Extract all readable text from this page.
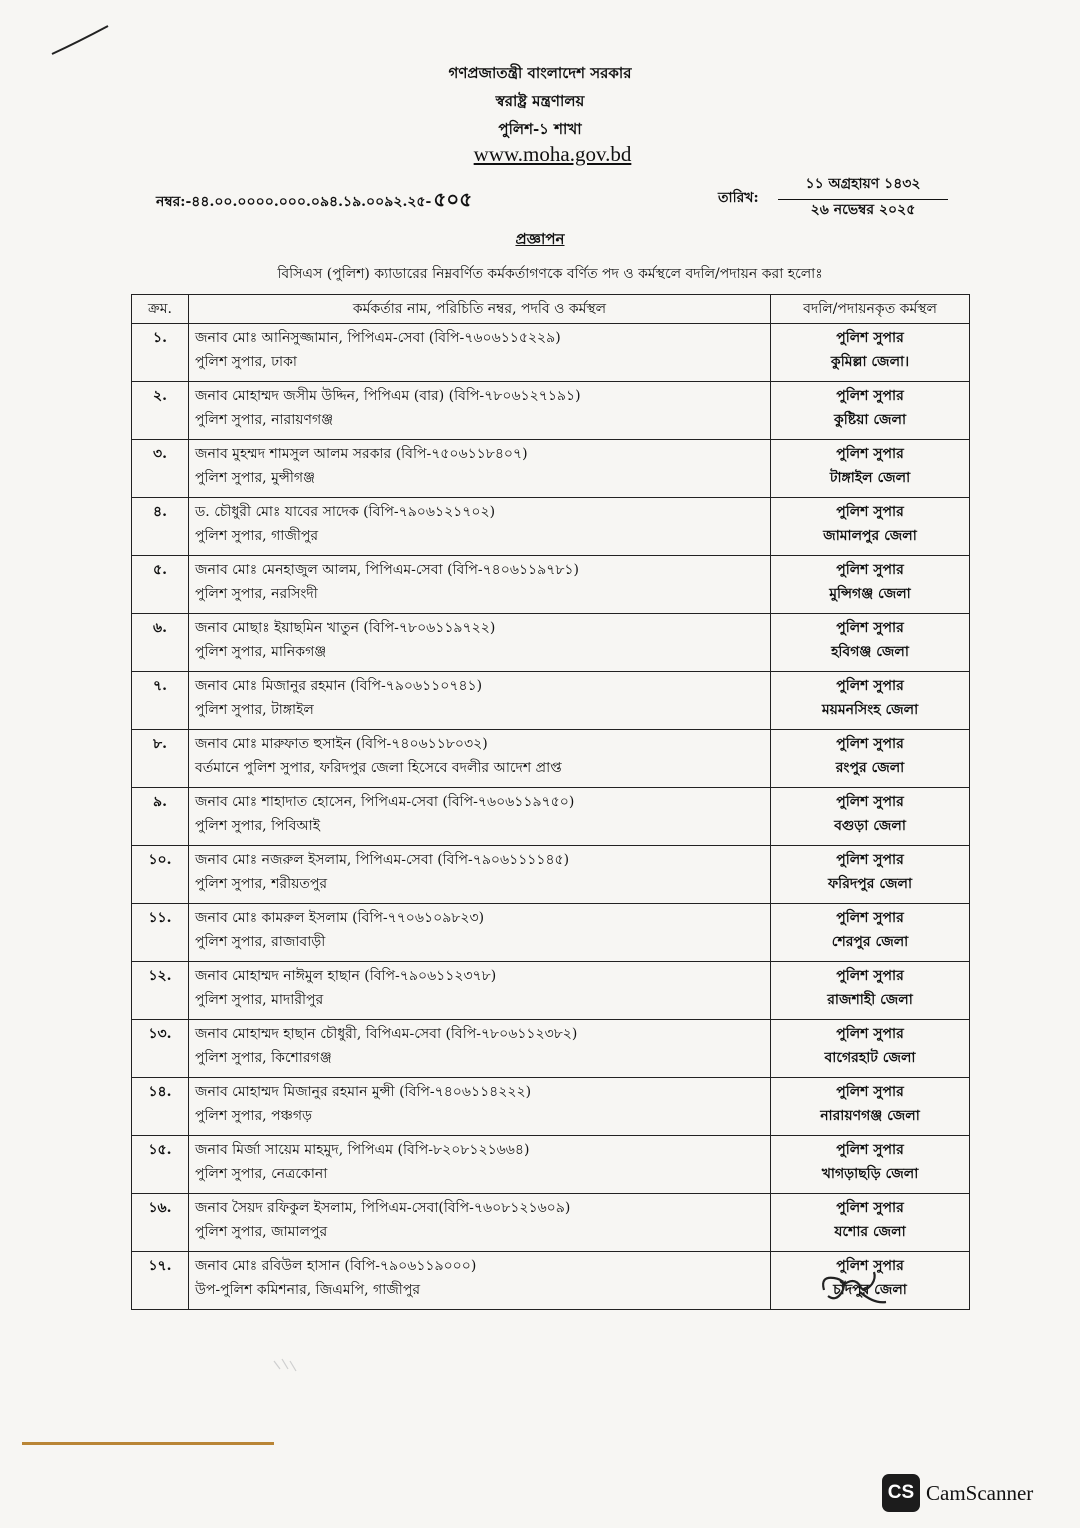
গণপ্রজাতন্ত্রী বাংলাদেশ সরকার
স্বরাষ্ট্র মন্ত্রণালয়
পুলিশ-১ শাখা
www.moha.gov.bd
নম্বর:-৪৪.০০.০০০০.০০০.০৯৪.১৯.০০৯২.২৫- ৫০৫	তারিখ:
১১ অগ্রহায়ণ ১৪৩২
২৬ নভেম্বর ২০২৫
প্রজ্ঞাপন
বিসিএস (পুলিশ) ক্যাডারের নিম্নবর্ণিত কর্মকর্তাগণকে বর্ণিত পদ ও কর্মস্থলে বদলি/পদায়ন করা হলোঃ
ক্রম.	কর্মকর্তার নাম, পরিচিতি নম্বর, পদবি ও কর্মস্থল	বদলি/পদায়নকৃত কর্মস্থল
১.	জনাব মোঃ আনিসুজ্জামান, পিপিএম-সেবা (বিপি-৭৬০৬১১৫২২৯)
পুলিশ সুপার, ঢাকা	পুলিশ সুপার
কুমিল্লা জেলা।

২.	জনাব মোহাম্মদ জসীম উদ্দিন, পিপিএম (বার) (বিপি-৭৮০৬১২৭১৯১)
পুলিশ সুপার, নারায়ণগঞ্জ	পুলিশ সুপার
কুষ্টিয়া জেলা

৩.	জনাব মুহম্মদ শামসুল আলম সরকার (বিপি-৭৫০৬১১৮৪০৭)
পুলিশ সুপার, মুন্সীগঞ্জ	পুলিশ সুপার
টাঙ্গাইল জেলা

৪.	ড. চৌধুরী মোঃ যাবের সাদেক (বিপি-৭৯০৬১২১৭০২)
পুলিশ সুপার, গাজীপুর	পুলিশ সুপার
জামালপুর জেলা

৫.	জনাব মোঃ মেনহাজুল আলম, পিপিএম-সেবা (বিপি-৭৪০৬১১৯৭৮১)
পুলিশ সুপার, নরসিংদী	পুলিশ সুপার
মুন্সিগঞ্জ জেলা

৬.	জনাব মোছাঃ ইয়াছমিন খাতুন (বিপি-৭৮০৬১১৯৭২২)
পুলিশ সুপার, মানিকগঞ্জ	পুলিশ সুপার
হবিগঞ্জ জেলা

৭.	জনাব মোঃ মিজানুর রহমান (বিপি-৭৯০৬১১০৭৪১)
পুলিশ সুপার, টাঙ্গাইল	পুলিশ সুপার
ময়মনসিংহ জেলা

৮.	জনাব মোঃ মারুফাত হুসাইন (বিপি-৭৪০৬১১৮০৩২)
বর্তমানে পুলিশ সুপার, ফরিদপুর জেলা হিসেবে বদলীর আদেশ প্রাপ্ত	পুলিশ সুপার
রংপুর জেলা

৯.	জনাব মোঃ শাহাদাত হোসেন, পিপিএম-সেবা (বিপি-৭৬০৬১১৯৭৫০)
পুলিশ সুপার, পিবিআই	পুলিশ সুপার
বগুড়া জেলা

১০.	জনাব মোঃ নজরুল ইসলাম, পিপিএম-সেবা (বিপি-৭৯০৬১১১১৪৫)
পুলিশ সুপার, শরীয়তপুর	পুলিশ সুপার
ফরিদপুর জেলা

১১.	জনাব মোঃ কামরুল ইসলাম (বিপি-৭৭০৬১০৯৮২৩)
পুলিশ সুপার, রাজাবাড়ী	পুলিশ সুপার
শেরপুর জেলা

১২.	জনাব মোহাম্মদ নাঈমুল হাছান (বিপি-৭৯০৬১১২৩৭৮)
পুলিশ সুপার, মাদারীপুর	পুলিশ সুপার
রাজশাহী জেলা

১৩.	জনাব মোহাম্মদ হাছান চৌধুরী, বিপিএম-সেবা (বিপি-৭৮০৬১১২৩৮২)
পুলিশ সুপার, কিশোরগঞ্জ	পুলিশ সুপার
বাগেরহাট জেলা

১৪.	জনাব মোহাম্মদ মিজানুর রহমান মুন্সী (বিপি-৭৪০৬১১৪২২২)
পুলিশ সুপার, পঞ্চগড়	পুলিশ সুপার
নারায়ণগঞ্জ জেলা

১৫.	জনাব মির্জা সায়েম মাহমুদ, পিপিএম (বিপি-৮২০৮১২১৬৬৪)
পুলিশ সুপার, নেত্রকোনা	পুলিশ সুপার
খাগড়াছড়ি জেলা

১৬.	জনাব সৈয়দ রফিকুল ইসলাম, পিপিএম-সেবা(বিপি-৭৬০৮১২১৬০৯)
পুলিশ সুপার, জামালপুর	পুলিশ সুপার
যশোর জেলা

১৭.	জনাব মোঃ রবিউল হাসান (বিপি-৭৯০৬১১৯০০০)
উপ-পুলিশ কমিশনার, জিএমপি, গাজীপুর	পুলিশ সুপার
চাঁদপুর জেলা
CS CamScanner
